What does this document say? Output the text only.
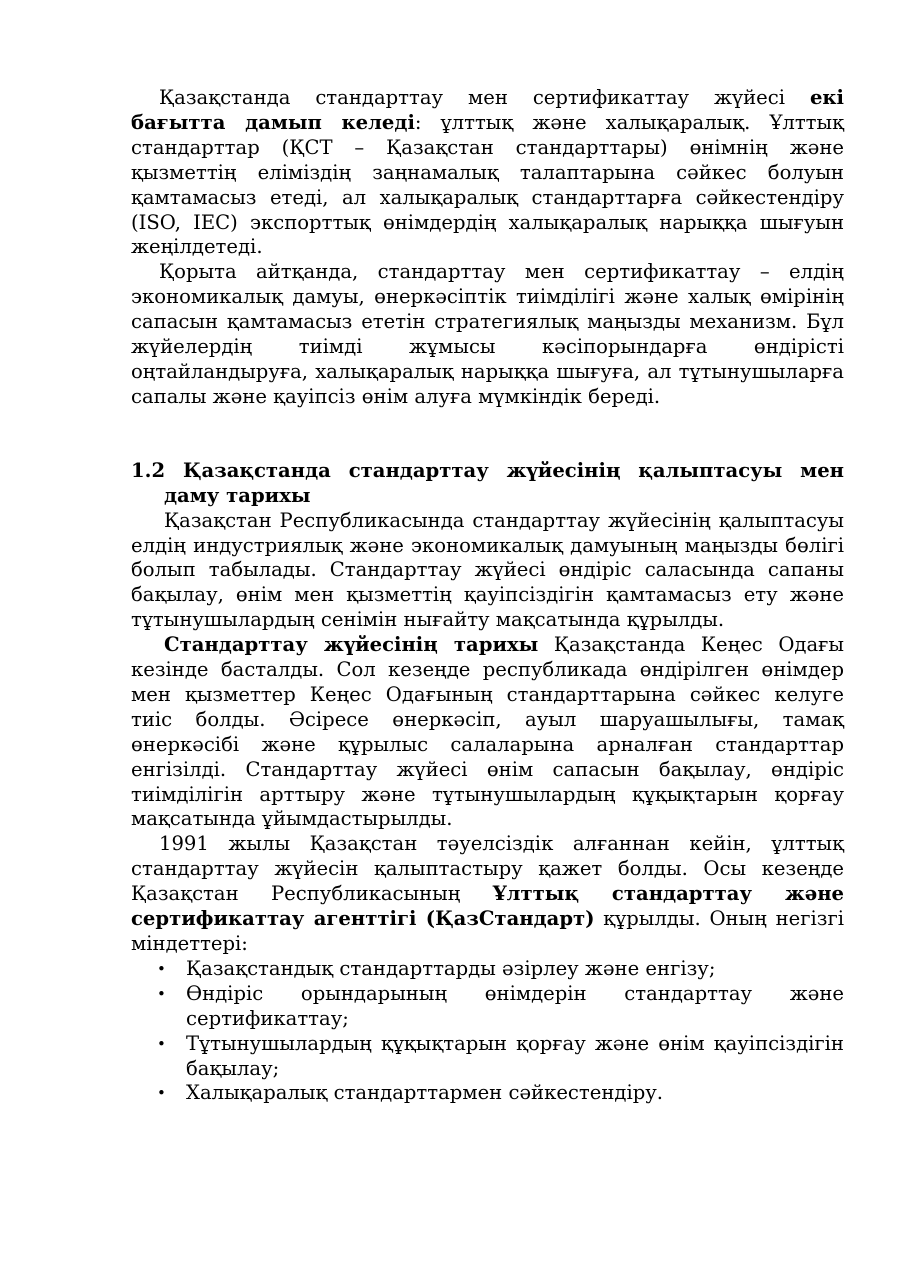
Қазақстанда стандарттау мен сертификаттау жүйесі екі бағытта дамып келеді: ұлттық және халықаралық. Ұлттық стандарттар (ҚСТ – Қазақстан стандарттары) өнімнің және қызметтің еліміздің заңнамалық талаптарына сәйкес болуын қамтамасыз етеді, ал халықаралық стандарттарға сәйкестендіру (ISO, IEC) экспорттық өнімдердің халықаралық нарыққа шығуын жеңілдетеді.

Қорыта айтқанда, стандарттау мен сертификаттау – елдің экономикалық дамуы, өнеркәсіптік тиімділігі және халық өмірінің сапасын қамтамасыз ететін стратегиялық маңызды механизм. Бұл жүйелердің тиімді жұмысы кәсіпорындарға өндірісті оңтайландыруға, халықаралық нарыққа шығуға, ал тұтынушыларға сапалы және қауіпсіз өнім алуға мүмкіндік береді.

1.2 Қазақстанда стандарттау жүйесінің қалыптасуы мен даму тарихы

Қазақстан Республикасында стандарттау жүйесінің қалыптасуы елдің индустриялық және экономикалық дамуының маңызды бөлігі болып табылады. Стандарттау жүйесі өндіріс саласында сапаны бақылау, өнім мен қызметтің қауіпсіздігін қамтамасыз ету және тұтынушылардың сенімін нығайту мақсатында құрылды.

Стандарттау жүйесінің тарихы Қазақстанда Кеңес Одағы кезінде басталды. Сол кезеңде республикада өндірілген өнімдер мен қызметтер Кеңес Одағының стандарттарына сәйкес келуге тиіс болды. Әсіресе өнеркәсіп, ауыл шаруашылығы, тамақ өнеркәсібі және құрылыс салаларына арналған стандарттар енгізілді. Стандарттау жүйесі өнім сапасын бақылау, өндіріс тиімділігін арттыру және тұтынушылардың құқықтарын қорғау мақсатында ұйымдастырылды.

1991 жылы Қазақстан тәуелсіздік алғаннан кейін, ұлттық стандарттау жүйесін қалыптастыру қажет болды. Осы кезеңде Қазақстан Республикасының Ұлттық стандарттау және сертификаттау агенттігі (ҚазСтандарт) құрылды. Оның негізгі міндеттері:

• Қазақстандық стандарттарды әзірлеу және енгізу;
• Өндіріс орындарының өнімдерін стандарттау және сертификаттау;
• Тұтынушылардың құқықтарын қорғау және өнім қауіпсіздігін бақылау;
• Халықаралық стандарттармен сәйкестендіру.
